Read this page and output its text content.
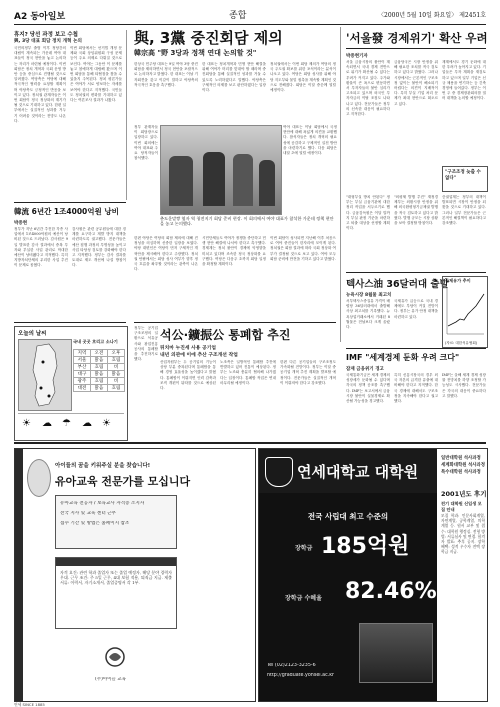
A2 동아일보	종합	〈2000년 5월 10일 화요일〉 제2451호
휴지? 당선 과정 보고 수첩
與, 3당 대표 회담 정치 개혁 논의
국민의정부 출범 이후 정당간의 대립이 계속되는 가운데 여야 대표들이 정국 현안을 놓고 논의하는 자리가 마련될 예정이다. 이번 회담은 정치 개혁과 국회 운영 방안 등을 중심으로 진행될 것으로 알려졌다. 여당측은 야당에 대해 적극적인 협력을 요청할 계획이며 야당측도 긍정적인 반응을 보이고 있다. 정치권 관계자들은 이번 회담이 정국 정상화의 계기가 될 것으로 기대하고 있다. 한편 일부에서는 실질적인 성과를 거두기 어려울 것이라는 전망도 나온다.
이번 회담에서는 선거법 개정 문제와 국회 상임위원회 구성 문제 등이 주요 의제로 다뤄질 것으로 보인다. 여야는 그동안 이 문제를 놓고 첨예하게 대립해 왔으며 이번 회담을 통해 타협점을 찾을 수 있을지 주목된다. 정치 평론가들은 여야가 서로 양보하는 자세를 보여야 한다고 지적했다. 국민들도 정치권의 변화를 기대하고 있다는 여론조사 결과가 나왔다.
與, 3黨 중진회담 제의
韓宗高 "野 3당과 정책 연대 논의할 것"
한상국 민주당 대표는 9일 여야 3당 중진회담을 제의하면서 정국 현안을 포괄적으로 논의하자고 밝혔다. 한 대표는 이날 기자회견을 갖고 이같이 말하고 야당측의 적극적인 호응을 촉구했다.
한 대표는 정치개혁과 민생 현안 해결을 위해 여야가 머리를 맞대야 할 때라며 중진회담을 통해 실질적인 성과를 거둘 수 있도록 노력하겠다고 말했다. 야당측은 구체적인 의제를 보고 판단하겠다는 입장이다.
정치권에서는 이번 회담 제의가 여당의 정국 주도권 확보를 위한 포석이라는 분석이 나오고 있다. 여당은 회담 성사를 위해 야당 지도부와 물밑 접촉을 계속할 계획인 것으로 전해졌다. 회담은 이달 중순께 열릴 예정이다.
'서울發 경제위기' 확산 우려
박중현기자
서울 금융시장의 불안이 계속되면서 국내 경제 전반으로 위기가 확산될 수 있다는 우려가 커지고 있다. 주가와 환율이 큰 폭으로 변동하면서 투자자들의 불안 심리가 고조되고 있으며 외국인 투자자금의 이탈 조짐도 나타나고 있다. 전문가들은 정부의 신속한 대응이 필요하다고 지적한다.
금융당국은 시장 안정을 위해 필요한 조치를 적극 검토하고 있다고 밝혔다. 그러나 시장에서는 근본적인 구조조정 없이는 불안이 해소되기 어렵다는 의견이 지배적이다. 특히 부실 기업 처리 문제가 최대 현안으로 떠오르고 있다.
재계에서도 경기 둔화에 대한 우려가 높아지고 있다. 기업들은 투자 계획을 재검토하고 있으며 일부 기업은 신규 채용을 연기하는 등 긴축 경영에 들어갔다. 정부는 이번 주 중 경제장관회의를 열어 대책을 논의할 예정이다.
"구조조정 늦출 수 없다"
정부 관계자들이 회담장으로 입장하고 있다. 이번 회의에는 여야 대표와 주요 당직자들이 참석했다.
여야 대표는 이날 회담에서 국정 현안에 대해 폭넓게 의견을 교환했다. 참석자들은 정치 개혁의 필요성에 공감하고 구체적인 실천 방안을 마련하기로 했다. 다음 회담은 내달 초에 열릴 예정이다.
춘도운말짱 옆자 역 청전지기 회담 준비 현장. 이 회의에서 여야 대표가 참석한 가운데 정책 현안을 놓고 논의했다.
韓流 6년간 1조4000억원 낭비
박중현
정부가 지난 6년간 추진한 각종 사업에서 1조4000억원의 예산이 낭비된 것으로 드러났다. 감사원은 9일 발표한 감사 결과에서 중복 투자와 부실한 사업 관리로 막대한 예산이 낭비됐다고 지적했다. 특히 지방자치단체의 무리한 사업 추진이 문제로 꼽혔다.
감사원은 관련 공무원들에 대한 징계를 요구하고 재발 방지 대책을 마련하도록 권고했다. 전문가들은 예산 집행 과정의 투명성을 높이고 사업 타당성 검토를 강화해야 한다고 지적했다. 정부는 감사 결과를 토대로 제도 개선에 나설 방침이다.
한편 야당은 여당의 회담 제의에 대해 진정성을 의심하며 신중한 입장을 보였다. 야당 대변인은 여당이 먼저 구체적인 개혁안을 제시해야 한다고 주장했다. 정치권 안팎에서는 회담 성사 여부가 향후 정국 흐름을 좌우할 것이라는 관측이 나온다.
시민단체들도 여야가 정쟁을 중단하고 민생 현안 해결에 나서야 한다고 촉구했다. 경제계는 정치 불안이 경제에 악영향을 미치고 있다며 조속한 정국 정상화를 요구했다. 여당은 다음주 초까지 회담 일정을 확정할 계획이다.
이번 회담이 성사되면 지난해 이후 처음으로 여야 중진들이 한자리에 모이게 된다. 정치권은 회담 결과에 따라 국회 정상화 여부가 결정될 것으로 보고 있다. 여야 모두 회담 준비에 만전을 기하고 있다고 밝혔다.
"대형부실 방치 안된다" 정부는 부실 금융기관에 대한 정리 작업을 서두르기로 했다. 금융감독원은 이달 말까지 부실 판정 기준을 마련하고 퇴출 대상을 선정할 계획이다.
"외평채 발행 추진" 재정경제부는 외환시장 안정을 위해 외국환평형기금채권 발행을 적극 검토하고 있다고 밝혔다. 발행 규모는 시장 상황을 보아 결정할 방침이다.
증권업계는 정부의 대책이 발표되면 시장이 안정을 되찾을 것으로 기대하고 있다. 그러나 일부 전문가들은 근본적인 해결책이 필요하다고 강조했다.
텍사스油 36달러대 출발
뉴욕시장 8월물 최고치
서부텍사스중질유 가격이 배럴당 36달러대에서 출발해 사상 최고치를 기록했다. 뉴욕상업거래소에서 거래된 8월물은 전날보다 크게 올랐다.
국제유가 급등으로 국내 경제에도 부담이 커질 전망이다. 정부는 유가 안정 대책을 마련하고 있다.
국제유가 추이
(자료: 대한석유협회)
IMF "세계경제 둔화 우려 크다"
잠재 금융위기 경고
국제통화기금은 세계 경제의 성장세가 둔화될 수 있다며 각국의 정책 공조를 촉구했다. IMF는 보고서에서 금융시장 불안이 실물경제로 확산될 가능성을 경고했다.
특히 신흥시장국의 경우 외국 자본의 급격한 유출에 대비해야 한다고 지적했다. 한국 경제에 대해서도 구조조정을 지속해야 한다고 권고했다.
IMF는 올해 세계 경제 성장률 전망치를 하향 조정할 가능성도 시사했다. 전문가들은 각국의 대응이 중요하다고 말했다.
오늘의 날씨
국내 곳곳 흐리고 소나기
지역	오전	오후
서울	맑음	흐림
부산	흐림	비
대구	맑음	맑음
광주	흐림	비
대전	맑음	흐림
☀ ☁ ☂ ☁ ☀
석公·鑛振公 통폐합 추진
뒤치마 누진세 사용 공기업
내년 의관에 이에 추산 구조개선 작업
정부는 공기업 구조조정의 일환으로 석유공사와 광업진흥공사의 통폐합을 추진하기로 했다.
산업자원부는 두 공기업의 기능이 상당 부분 중복된다며 통폐합을 통해 경영 효율성을 높이겠다고 밝혔다. 통폐합이 이뤄지면 인력 감축과 조직 개편이 뒤따를 것으로 예상된다.
노조측은 일방적인 통폐합 추진에 반발하고 있어 진통이 예상된다. 정부는 노조와 충분히 협의해 나가겠다는 입장이다. 통폐합 작업은 연내 마무리될 예정이다.
한편 다른 공기업들의 구조조정도 가속화될 전망이다. 정부는 이달 중 공기업 개혁 추진 계획을 발표할 예정이다. 전문가들은 실질적인 개혁이 이뤄져야 한다고 강조했다.
아이들의 꿈을 키워주실 분을 찾습니다!
유아교육 전문가를 모십니다
유아교육 전공자 / 보육교사 자격증 소지자
전국 지사 및 교육 센터 근무
접수 기간 및 방법은 홈페이지 참조
자격 요건: 관련 학과 졸업자 또는 졸업 예정자, 해당 분야 경력자 우대. 근무 조건: 주 5일 근무, 4대 보험 적용, 퇴직금 지급. 제출 서류: 이력서, 자기소개서, 졸업증명서 각 1부.
(주)아이들 교육
연세대학교 대학원
전국 사립대 최고 수준의
장학금 185억원
장학금 수혜율 82.46%
Tel (02)2123-3235-6
http://graduate.yonsei.ac.kr
일반대학원 석사과정
세계화대학원 석사과정
특수대학원 석사과정
2001년도 후기
전기 대학원 신입생 모집 안내
모집 학과: 인문사회계열, 자연계열, 공학계열, 의학계열 등. 원서 교부 및 접수: 대학원 행정실. 전형 방법: 서류심사 및 면접. 합격자 발표: 추후 공지. 장학 혜택: 성적 우수자 전액 장학금 지급.
연세 SINCE 1885
